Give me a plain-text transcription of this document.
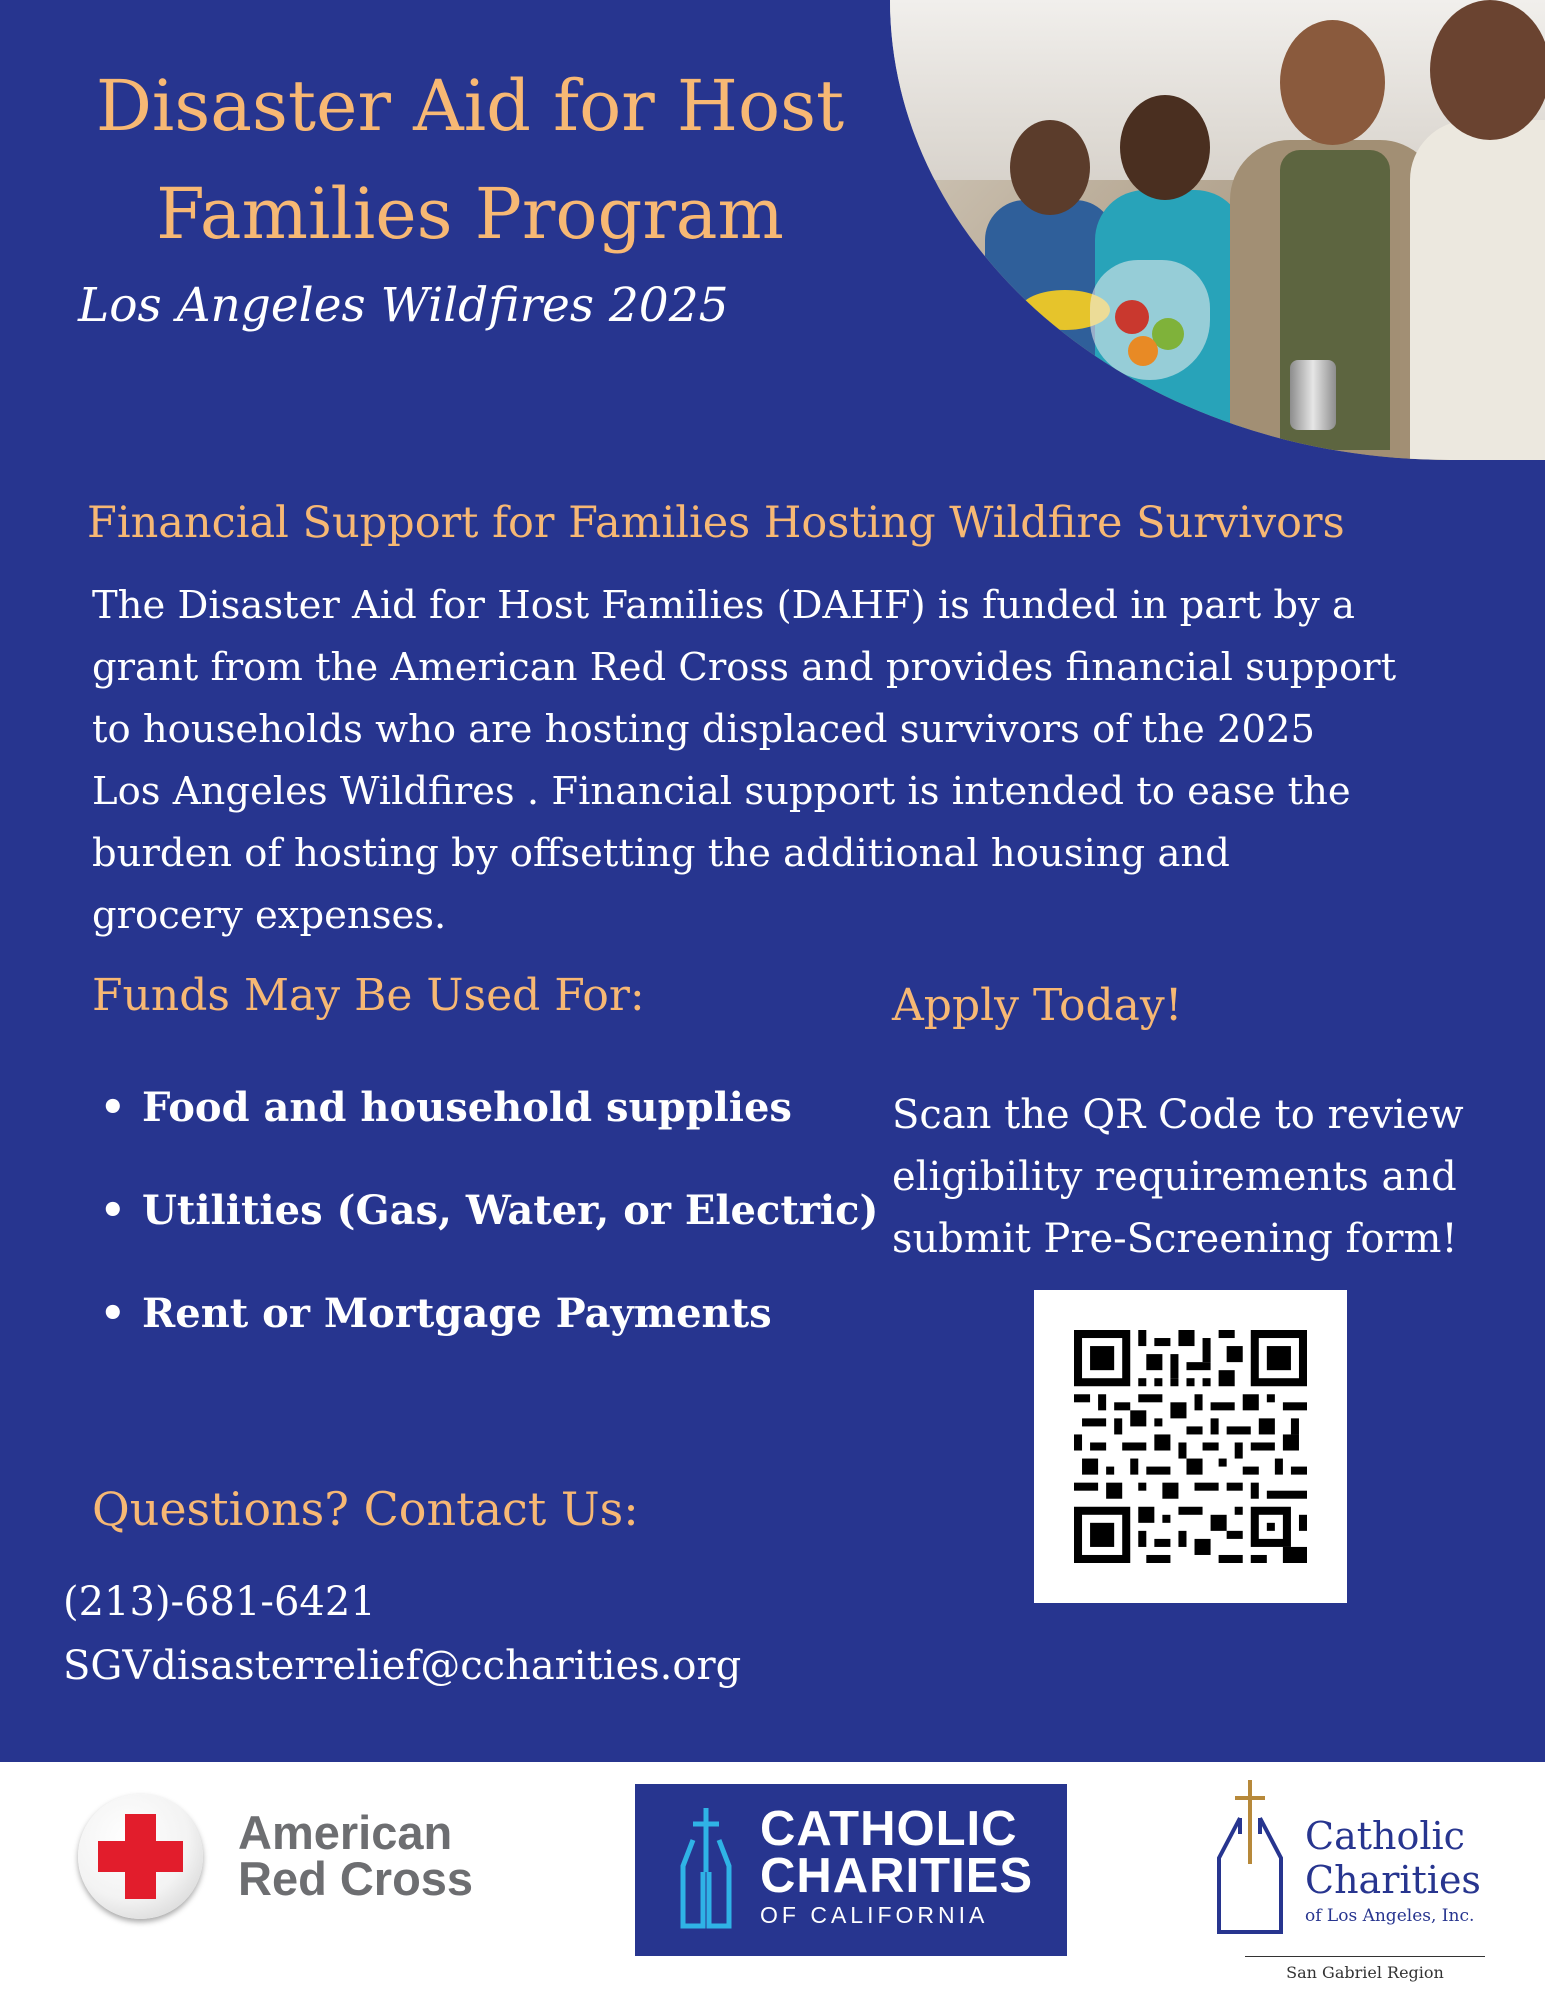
Disaster Aid for Host
Families Program
Los Angeles Wildfires 2025
Financial Support for Families Hosting Wildfire Survivors
The Disaster Aid for Host Families (DAHF) is funded in part by a
grant from the American Red Cross and provides financial support
to households who are hosting displaced survivors of the 2025
Los Angeles Wildfires . Financial support is intended to ease the
burden of hosting by offsetting the additional housing and
grocery expenses.
Funds May Be Used For:
• Food and household supplies
• Utilities (Gas, Water, or Electric)
• Rent or Mortgage Payments
Apply Today!
Scan the QR Code to review
eligibility requirements and
submit Pre-Screening form!
Questions? Contact Us:
(213)-681-6421
SGVdisasterrelief@ccharities.org
American
Red Cross
CATHOLIC
CHARITIES
OF CALIFORNIA
Catholic
Charities
of Los Angeles, Inc.
San Gabriel Region
